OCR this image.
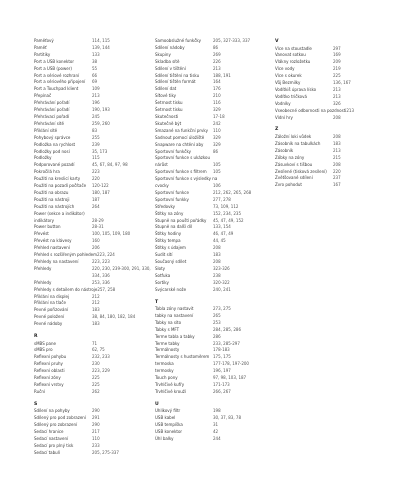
Paměťový	114, 115
Paměť	139, 144
Partitiky	133
Port a USB konektor	38
Port a USB (power)	55
Port a sériové rozhraní	66
Port a sériového připojení	69
Port a Touchpad klient	109
Přepínač	213
Přehrávání pořadí	196
Přehrávání pořadí	190, 193
Přehrávací pořadí	245
Přehrávání sítě	259, 260
Přiklání sítě	83
Pohybový správce	255
Podložka na rychlost	239
Podložky pod nosí	35, 173
Podložky	115
Podporované pozadí	45, 67, 84, 97, 98
Pokročilá hra	223
Použití na kreslicí karty	220
Použití na pozadí počítače	120-122
Použití na obrazu	180, 187
Použití na nástroji	187
Použití na nástrojích	264
Power (sekce a indikátor)
indikátory	28-29
Power button	28-31
Převést	100, 105, 109, 180
Převést na klávesy	160
Přehled nastavení	206
Přehled s rozšířeným pohledem 223, 224
Přehledy na nastavení	223, 223
Přehledy	220, 230, 239-300, 291, 330,
334, 336
Přehledy	253, 336
Přehledy s detailem do nástroje 257, 258
Přiklání na displej	212
Přiklání na tlače	212
Pevné pořizování	183
Pevné položení	38, 84, 180, 182, 184
Pevné nádoby	183
R
sMBS pane	71
sMBS pro	62, 75
Reflexní pohybu	232, 233
Reflexní pruhy	230
Reflexní oblasti	223, 229
Reflexní zóny	225
Reflexní vrstvy	225
Ruční	262
S
Sdílení na pohyby	290
Sdílený pro pod zobrazení	291
Sdílený pro zobrazení	290
Sedací hranice	217
Sedací nastavení	110
Sedací pro plný tisk	233
Sedací tabulí	205, 275-337
Samoobslužné funkčky	205, 327-333, 337
Sdílení nádoby	86
Skupiny	269
Skladba sítě	226
Sdílení v tištění	213
Sdílení tištění na tisku	188, 191
Sdílení tištěn formát	164
Sdílení dat	176
Síťové tiky	210
Šetrnost tisku	116
Šetrnost tisku	329
Skutečnosti	17-18
Skutečně být	242
Smazané na funkční prvky	110
Sadnout pomocí úložiště	329
Snapware na chtění aby	329
Sportovní funkčky	86
Sportovní funkce s ukázkou
nárůst	105
Sportovní funkce s filtrem	105
Sportovní funkce s výsledky na
cvocky	106
Sportovní funkce	212, 262, 265, 268
Sportovní funkky	277, 278
Středovky	73, 109, 112
Štítky na zóny	152, 234, 235
Stupně na pouští pořádky	45, 47, 49, 152
Stupně na další díl	133, 154
Štítky hodiny	46, 47, 49
Štítky tempa	44, 45
Štítky s údajem	208
Sudit sítí	183
Současný sdílet	208
Sloty	323-326
Sotfuka	238
Sortiky	320-322
Svýcarské nože	240, 241
T
Tabla zóny nastavit	273, 275
tabky na nastavení	265
Tabky na síto	253
Tabky s MFT	284, 285, 286
Terme tabla a tabky	286
Terme tabky	233, 285-297
Termálnosty	178-183
Termálnosty s hustoměrem 175, 175
termoska	177-178, 197-200
termosky	196, 197
Touch pony	97, 98, 103, 187
Trvhlčivé kufřy	171-173
Trvhlčivé krouží	266, 267
U
Uhlíkový filtr	198
USB kabel	30, 37, 83, 78
USB tempíška	31
USB konektor	42
Úhl balky	244
V
Více na stoustadle	297
Vanovat sotkou	169
Vlákny rozložetku	209
Více vody	219
Více s okurek	225
Vůj Bezmilky	136, 167
Vodítkiš úprava lísko	213
Vodítko tričková	213
Vodníky	326
Vseobecné odbornosti na pozdnosti 213
Vídní hry	208
Z
Záložní loki vůdek	208
Zásobník na tabulkách	183
Zásobník	213
Zóbky na zóny	215
Zásuvkoví s tišbou	208
Zesílené (tisková zesílení)	220
Zvětšované sdílení	237
Zvro pohodut	167
